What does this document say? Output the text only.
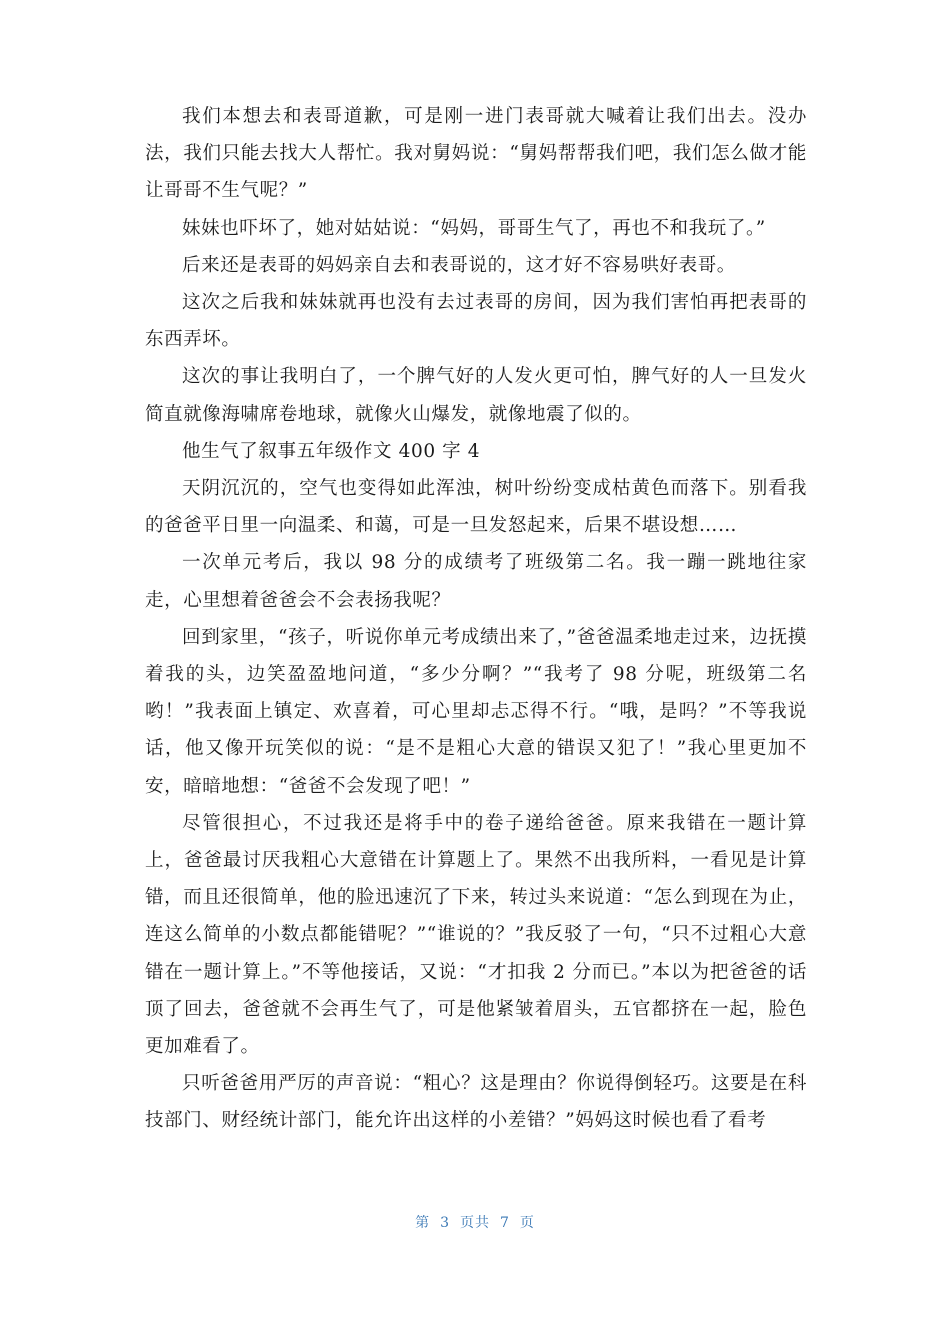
我们本想去和表哥道歉，可是刚一进门表哥就大喊着让我们出去。没办法，我们只能去找大人帮忙。我对舅妈说：“舅妈帮帮我们吧，我们怎么做才能让哥哥不生气呢？”

妹妹也吓坏了，她对姑姑说：“妈妈，哥哥生气了，再也不和我玩了。”

后来还是表哥的妈妈亲自去和表哥说的，这才好不容易哄好表哥。

这次之后我和妹妹就再也没有去过表哥的房间，因为我们害怕再把表哥的东西弄坏。

这次的事让我明白了，一个脾气好的人发火更可怕，脾气好的人一旦发火简直就像海啸席卷地球，就像火山爆发，就像地震了似的。

他生气了叙事五年级作文 400 字 4

天阴沉沉的，空气也变得如此浑浊，树叶纷纷变成枯黄色而落下。别看我的爸爸平日里一向温柔、和蔼，可是一旦发怒起来，后果不堪设想……

一次单元考后，我以 98 分的成绩考了班级第二名。我一蹦一跳地往家走，心里想着爸爸会不会表扬我呢？

回到家里，“孩子，听说你单元考成绩出来了，”爸爸温柔地走过来，边抚摸着我的头，边笑盈盈地问道，“多少分啊？”“我考了 98 分呢，班级第二名哟！”我表面上镇定、欢喜着，可心里却忐忑得不行。“哦，是吗？”不等我说话，他又像开玩笑似的说：“是不是粗心大意的错误又犯了！”我心里更加不安，暗暗地想：“爸爸不会发现了吧！”

尽管很担心，不过我还是将手中的卷子递给爸爸。原来我错在一题计算上，爸爸最讨厌我粗心大意错在计算题上了。果然不出我所料，一看见是计算错，而且还很简单，他的脸迅速沉了下来，转过头来说道：“怎么到现在为止，连这么简单的小数点都能错呢？”“谁说的？”我反驳了一句，“只不过粗心大意错在一题计算上。”不等他接话，又说：“才扣我 2 分而已。”本以为把爸爸的话顶了回去，爸爸就不会再生气了，可是他紧皱着眉头，五官都挤在一起，脸色更加难看了。

只听爸爸用严厉的声音说：“粗心？这是理由？你说得倒轻巧。这要是在科技部门、财经统计部门，能允许出这样的小差错？”妈妈这时候也看了看考

第 3 页共 7 页
